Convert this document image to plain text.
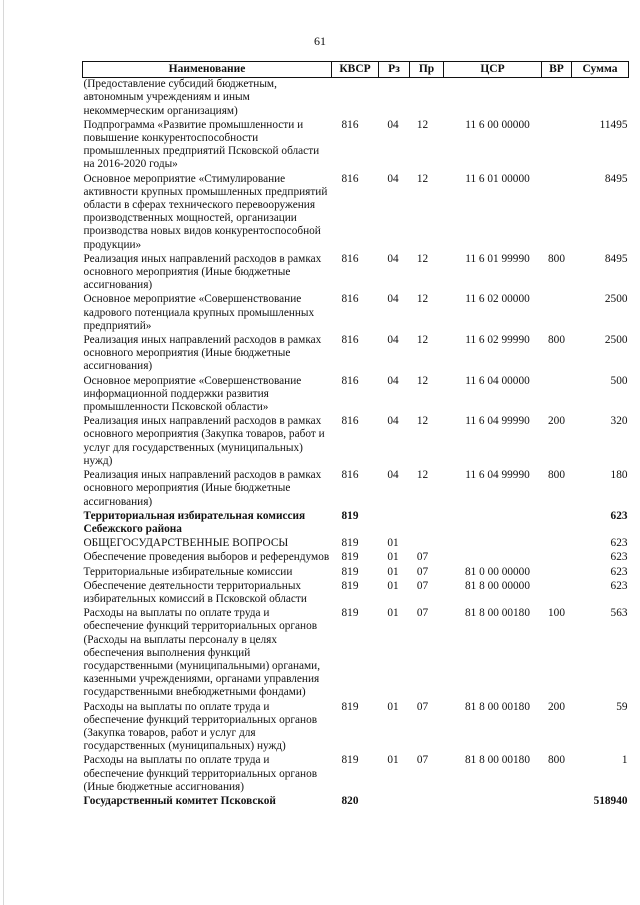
61
Наименование	КВСР	Рз	Пр	ЦСР	ВР	Сумма
(Предоставление субсидий бюджетным, автономным учреждениям и иным некоммерческим организациям)						
Подпрограмма «Развитие промышленности и повышение конкурентоспособности промышленных предприятий Псковской области на 2016-2020 годы»	816	04	12	11 6 00 00000		11495
Основное мероприятие «Стимулирование активности крупных промышленных предприятий области в сферах технического перевооружения производственных мощностей, организации производства новых видов конкурентоспособной продукции»	816	04	12	11 6 01 00000		8495
Реализация иных направлений расходов в рамках основного мероприятия (Иные бюджетные ассигнования)	816	04	12	11 6 01 99990	800	8495
Основное мероприятие «Совершенствование кадрового потенциала крупных промышленных предприятий»	816	04	12	11 6 02 00000		2500
Реализация иных направлений расходов в рамках основного мероприятия (Иные бюджетные ассигнования)	816	04	12	11 6 02 99990	800	2500
Основное мероприятие «Совершенствование информационной поддержки развития промышленности Псковской области»	816	04	12	11 6 04 00000		500
Реализация иных направлений расходов в рамках основного мероприятия (Закупка товаров, работ и услуг для государственных (муниципальных) нужд)	816	04	12	11 6 04 99990	200	320
Реализация иных направлений расходов в рамках основного мероприятия (Иные бюджетные ассигнования)	816	04	12	11 6 04 99990	800	180
Территориальная избирательная комиссия Себежского района	819					623
ОБЩЕГОСУДАРСТВЕННЫЕ ВОПРОСЫ	819	01				623
Обеспечение проведения выборов и референдумов	819	01	07			623
Территориальные избирательные комиссии	819	01	07	81 0 00 00000		623
Обеспечение деятельности территориальных избирательных комиссий в Псковской области	819	01	07	81 8 00 00000		623
Расходы на выплаты по оплате труда и обеспечение функций территориальных органов (Расходы на выплаты персоналу в целях обеспечения выполнения функций государственными (муниципальными) органами, казенными учреждениями, органами управления государственными внебюджетными фондами)	819	01	07	81 8 00 00180	100	563
Расходы на выплаты по оплате труда и обеспечение функций территориальных органов (Закупка товаров, работ и услуг для государственных (муниципальных) нужд)	819	01	07	81 8 00 00180	200	59
Расходы на выплаты по оплате труда и обеспечение функций территориальных органов (Иные бюджетные ассигнования)	819	01	07	81 8 00 00180	800	1
Государственный комитет Псковской	820					518940
